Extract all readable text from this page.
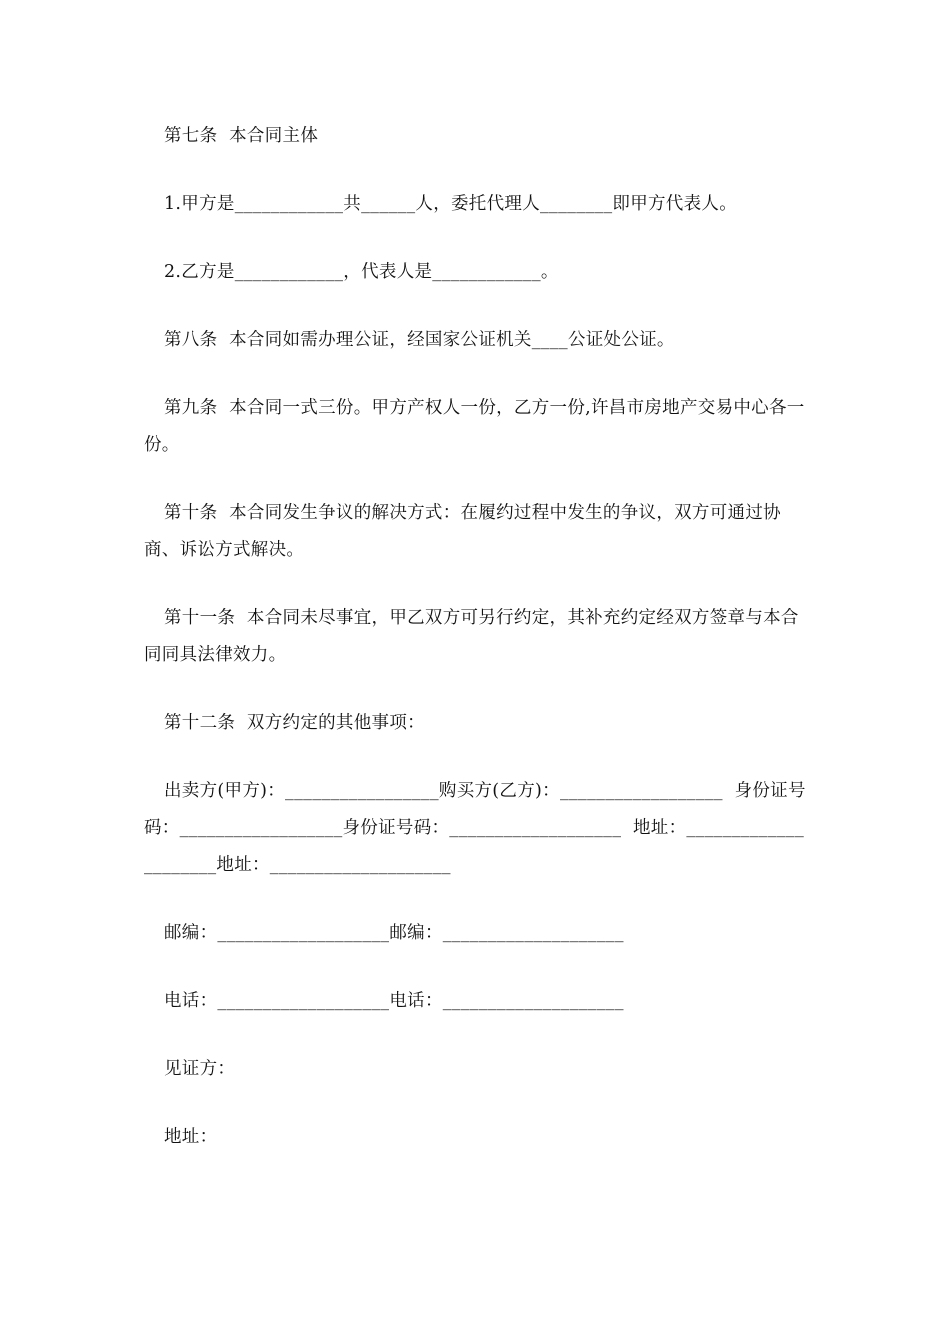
第七条  本合同主体

1.甲方是____________共______人，委托代理人________即甲方代表人。

2.乙方是____________，代表人是____________。

第八条  本合同如需办理公证，经国家公证机关____公证处公证。

第九条  本合同一式三份。甲方产权人一份，乙方一份,许昌市房地产交易中心各一份。

第十条  本合同发生争议的解决方式：在履约过程中发生的争议，双方可通过协商、诉讼方式解决。

第十一条  本合同未尽事宜，甲乙双方可另行约定，其补充约定经双方签章与本合同同具法律效力。

第十二条  双方约定的其他事项：

出卖方(甲方)：_________________购买方(乙方)：__________________  身份证号码：__________________身份证号码：___________________  地址：_____________________地址：____________________

邮编：___________________邮编：____________________

电话：___________________电话：____________________

见证方：

地址：
